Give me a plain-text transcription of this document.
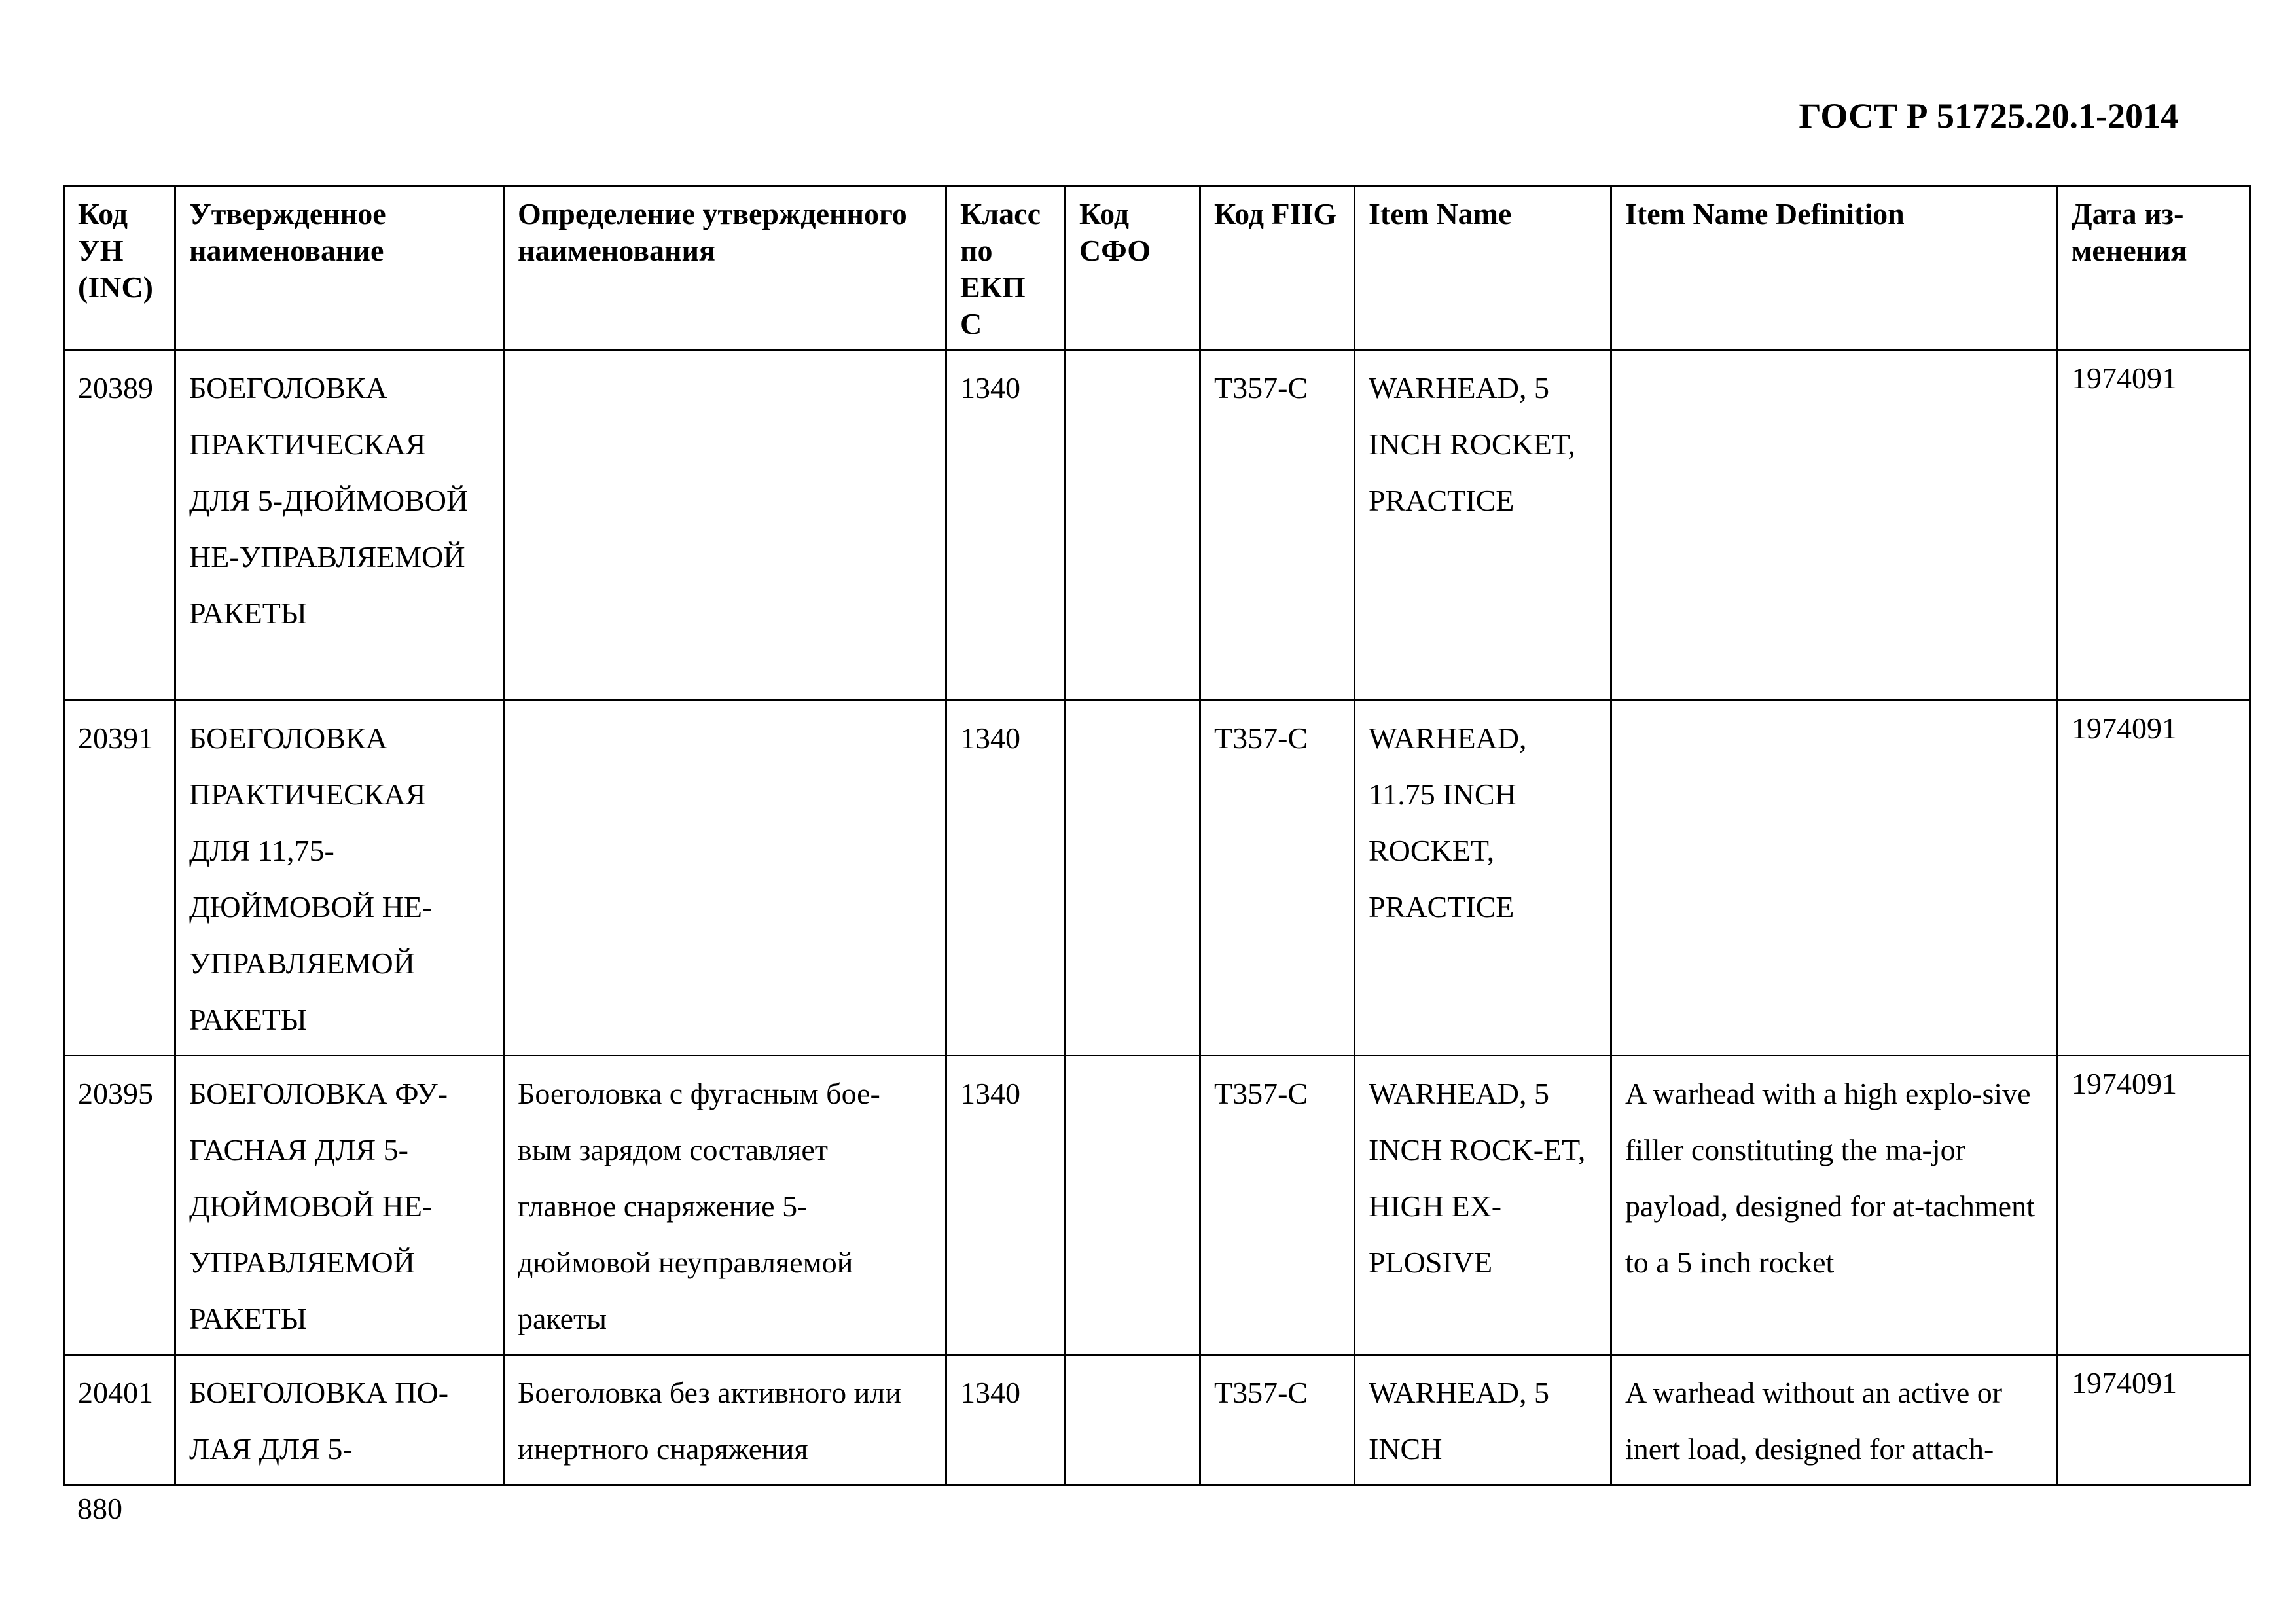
ГОСТ Р 51725.20.1-2014
Код УН (INC)	Утвержденное наименование	Определение утвержденного наименования	Класс по ЕКП С	Код СФО	Код FIIG	Item Name	Item Name Definition	Дата из-менения
20389	БОЕГОЛОВКА ПРАКТИЧЕСКАЯ ДЛЯ 5-ДЮЙМОВОЙ НЕ-УПРАВЛЯЕМОЙ РАКЕТЫ		1340		T357-C	WARHEAD, 5 INCH ROCKET, PRACTICE		1974091

20391	БОЕГОЛОВКА ПРАКТИЧЕСКАЯ ДЛЯ 11,75-ДЮЙМОВОЙ НЕ-УПРАВЛЯЕМОЙ РАКЕТЫ		1340		T357-C	WARHEAD, 11.75 INCH ROCKET, PRACTICE		1974091

20395	БОЕГОЛОВКА ФУ-ГАСНАЯ ДЛЯ 5-ДЮЙМОВОЙ НЕ-УПРАВЛЯЕМОЙ РАКЕТЫ	Боеголовка с фугасным бое-вым зарядом составляет главное снаряжение 5-дюймовой неуправляемой ракеты	1340		T357-C	WARHEAD, 5 INCH ROCK-ET, HIGH EX-PLOSIVE	A warhead with a high explo-sive filler constituting the ma-jor payload, designed for at-tachment to a 5 inch rocket	1974091

20401	БОЕГОЛОВКА ПО-ЛАЯ ДЛЯ 5-	Боеголовка без активного или инертного снаряжения	1340		T357-C	WARHEAD, 5 INCH	A warhead without an active or inert load, designed for attach-	1974091
880
